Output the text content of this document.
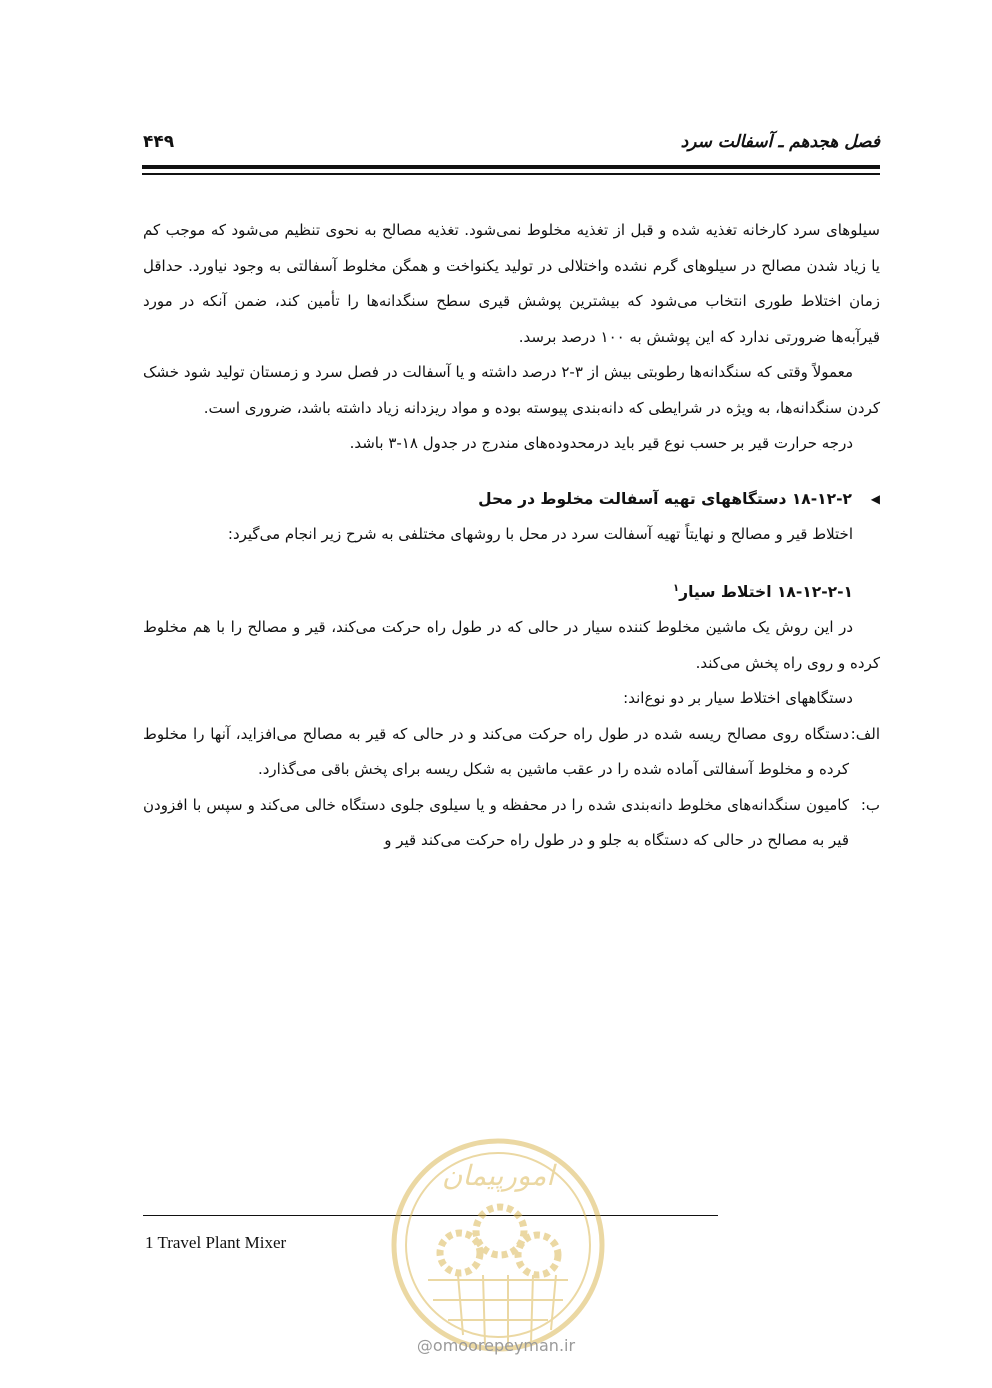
فصل هجدهم ـ آسفالت سرد
۴۴۹

سیلوهای سرد کارخانه تغذیه شده و قبل از تغذیه مخلوط نمی‌شود. تغذیه مصالح به نحوی تنظیم می‌شود که موجب کم یا زیاد شدن مصالح در سیلوهای گرم نشده واختلالی در تولید یکنواخت و همگن مخلوط آسفالتی به وجود نیاورد. حداقل زمان اختلاط طوری انتخاب می‌شود که بیشترین پوشش قیری سطح سنگدانه‌ها را تأمین کند، ضمن آنکه در مورد قیرآبه‌ها ضرورتی ندارد که این پوشش به ۱۰۰ درصد برسد.

معمولاً وقتی که سنگدانه‌ها رطوبتی بیش از ۳-۲ درصد داشته و یا آسفالت در فصل سرد و زمستان تولید شود خشک کردن سنگدانه‌ها، به ویژه در شرایطی که دانه‌بندی پیوسته بوده و مواد ریزدانه زیاد داشته باشد، ضروری است.

درجه حرارت قیر بر حسب نوع قیر باید درمحدوده‌های مندرج در جدول ۱۸-۳ باشد.

◀
۱۸-۱۲-۲ دستگاههای تهیه آسفالت مخلوط در محل

اختلاط قیر و مصالح و نهایتاً تهیه آسفالت سرد در محل با روشهای مختلفی به شرح زیر انجام می‌گیرد:

۱۸-۱۲-۲-۱ اختلاط سیار$^۱$

در این روش یک ماشین مخلوط کننده سیار در حالی که در طول راه حرکت می‌کند، قیر و مصالح را با هم مخلوط کرده و روی راه پخش می‌کند.

دستگاههای اختلاط سیار بر دو نوع‌اند:

الف:
دستگاه روی مصالح ریسه شده در طول راه حرکت می‌کند و در حالی که قیر به مصالح می‌افزاید، آنها را مخلوط کرده و مخلوط آسفالتی آماده شده را در عقب ماشین به شکل ریسه برای پخش باقی می‌گذارد.
ب:
کامیون سنگدانه‌های مخلوط دانه‌بندی شده را در محفظه و یا سیلوی جلوی دستگاه خالی می‌کند و سپس با افزودن قیر به مصالح در حالی که دستگاه به جلو و در طول راه حرکت می‌کند قیر و
1 Travel Plant Mixer
امورپیمان
@omoorepeyman.ir
